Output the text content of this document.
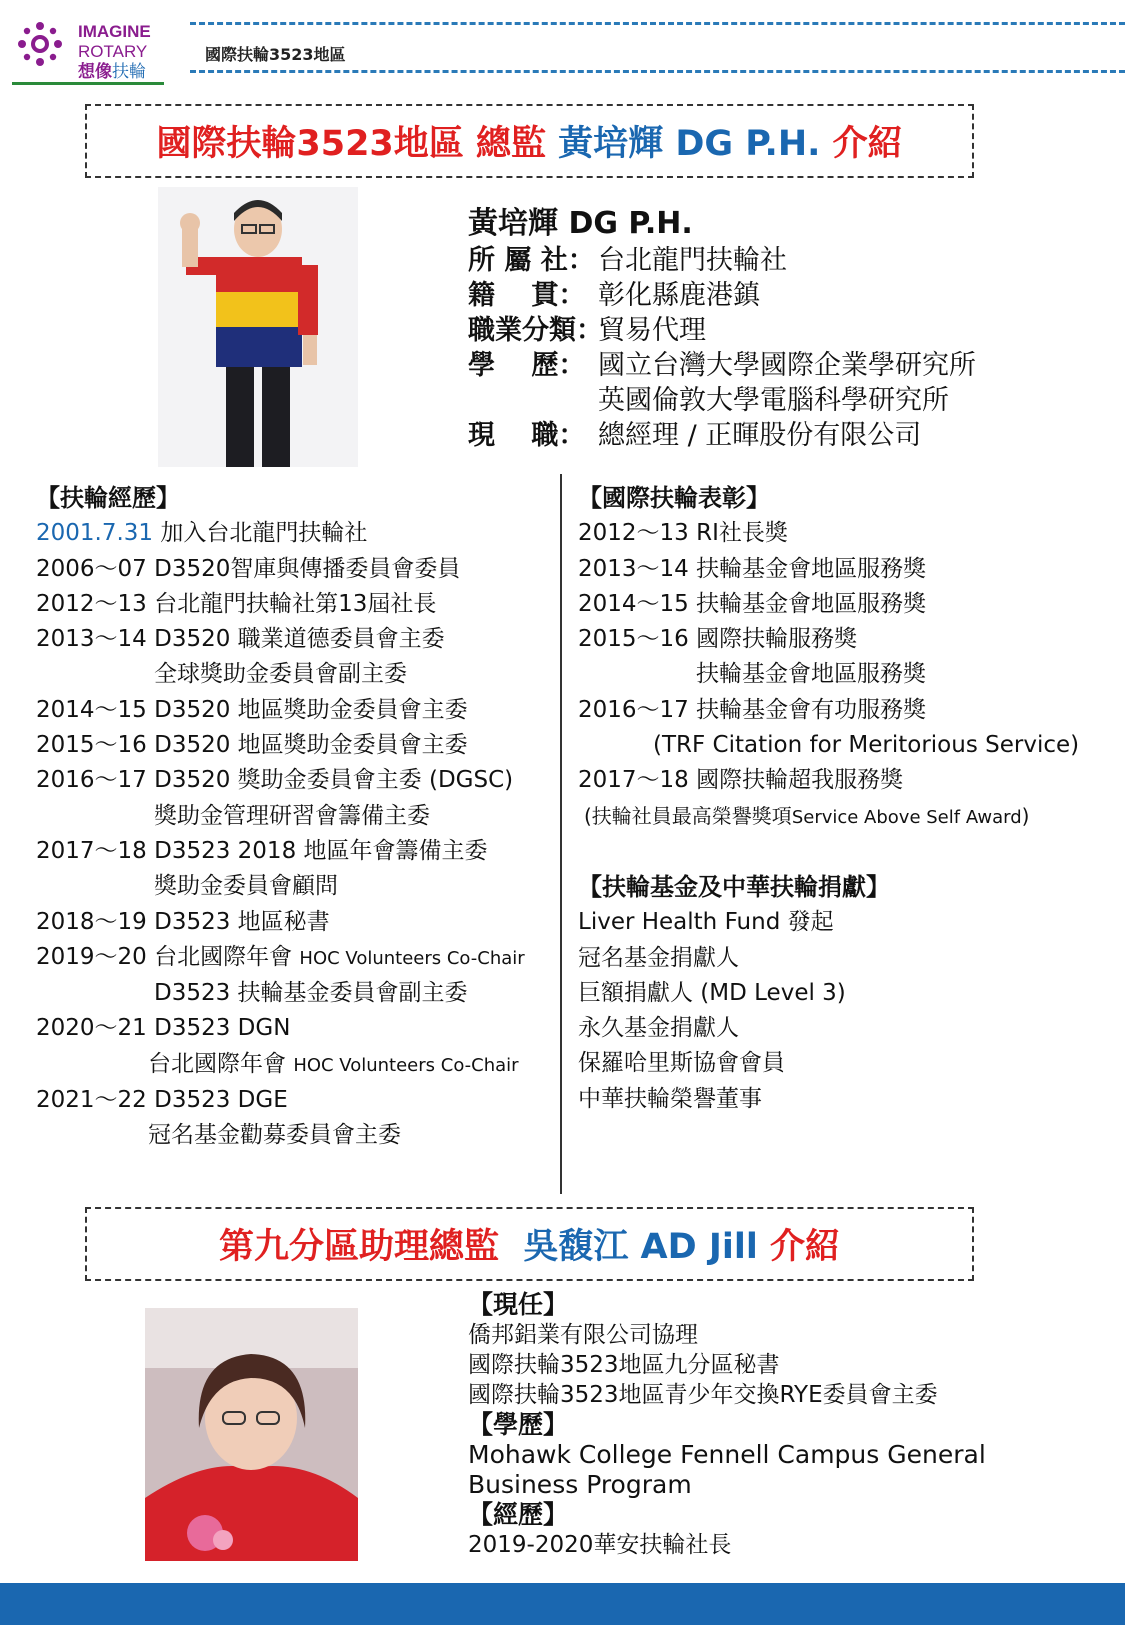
IMAGINE
ROTARY
想像扶輪
國際扶輪3523地區
國際扶輪3523地區 總監
黃培輝 DG P.H.
介紹
黃培輝 DG P.H.
所 屬 社： 台北龍門扶輪社
籍　 貫： 彰化縣鹿港鎮
職業分類：
貿易代理
學　 歷： 國立台灣大學國際企業學研究所
英國倫敦大學電腦科學研究所
現　 職： 總經理 / 正暉股份有限公司
【扶輪經歷】
2001.7.31 加入台北龍門扶輪社
2006～07 D3520智庫與傳播委員會委員
2012～13 台北龍門扶輪社第13屆社長
2013～14 D3520 職業道德委員會主委
全球獎助金委員會副主委
2014～15 D3520 地區獎助金委員會主委
2015～16 D3520 地區獎助金委員會主委
2016～17 D3520 獎助金委員會主委 (DGSC)
獎助金管理研習會籌備主委
2017～18 D3523 2018 地區年會籌備主委
獎助金委員會顧問
2018～19 D3523 地區秘書
2019～20 台北國際年會 HOC Volunteers Co-Chair
D3523 扶輪基金委員會副主委
2020～21 D3523 DGN
台北國際年會 HOC Volunteers Co-Chair
2021～22 D3523 DGE
冠名基金勸募委員會主委
【國際扶輪表彰】
2012～13 RI社長獎
2013～14 扶輪基金會地區服務獎
2014～15 扶輪基金會地區服務獎
2015～16 國際扶輪服務獎
扶輪基金會地區服務獎
2016～17 扶輪基金會有功服務獎
(TRF Citation for Meritorious Service)
2017～18 國際扶輪超我服務獎
(扶輪社員最高榮譽獎項Service Above Self Award)
【扶輪基金及中華扶輪捐獻】
Liver Health Fund 發起
冠名基金捐獻人
巨額捐獻人 (MD Level 3)
永久基金捐獻人
保羅哈里斯協會會員
中華扶輪榮譽董事
第九分區助理總監
吳馥江 AD Jill
介紹
【現任】
僑邦鋁業有限公司協理
國際扶輪3523地區九分區秘書
國際扶輪3523地區青少年交換RYE委員會主委
【學歷】
Mohawk College Fennell Campus General
Business Program
【經歷】
2019-2020華安扶輪社長
